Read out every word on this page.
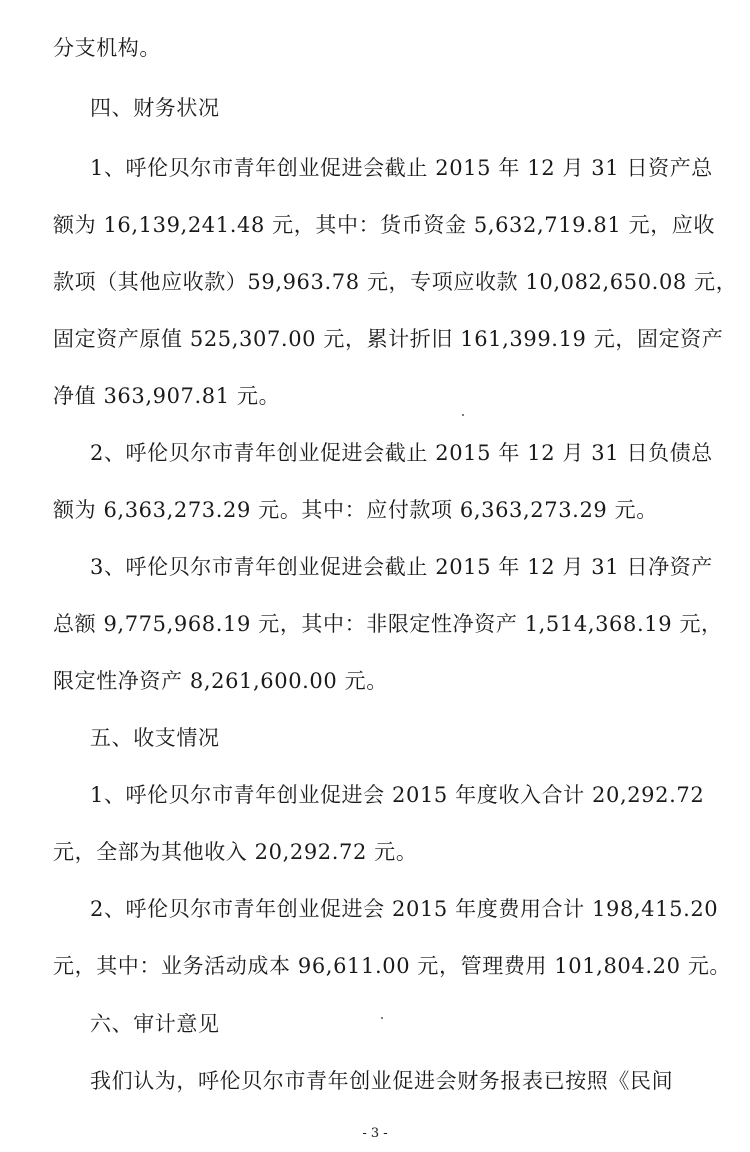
分支机构。
四、财务状况
1、呼伦贝尔市青年创业促进会截止 2015 年 12 月 31 日资产总
额为 16,139,241.48 元，其中：货币资金 5,632,719.81 元，应收
款项（其他应收款）59,963.78 元，专项应收款 10,082,650.08 元，
固定资产原值 525,307.00 元，累计折旧 161,399.19 元，固定资产
净值 363,907.81 元。
2、呼伦贝尔市青年创业促进会截止 2015 年 12 月 31 日负债总
额为 6,363,273.29 元。其中：应付款项 6,363,273.29 元。
3、呼伦贝尔市青年创业促进会截止 2015 年 12 月 31 日净资产
总额 9,775,968.19 元，其中：非限定性净资产 1,514,368.19 元，
限定性净资产 8,261,600.00 元。
五、收支情况
1、呼伦贝尔市青年创业促进会 2015 年度收入合计 20,292.72
元，全部为其他收入 20,292.72 元。
2、呼伦贝尔市青年创业促进会 2015 年度费用合计 198,415.20
元，其中：业务活动成本 96,611.00 元，管理费用 101,804.20 元。
六、审计意见
我们认为，呼伦贝尔市青年创业促进会财务报表已按照《民间
- 3 -
